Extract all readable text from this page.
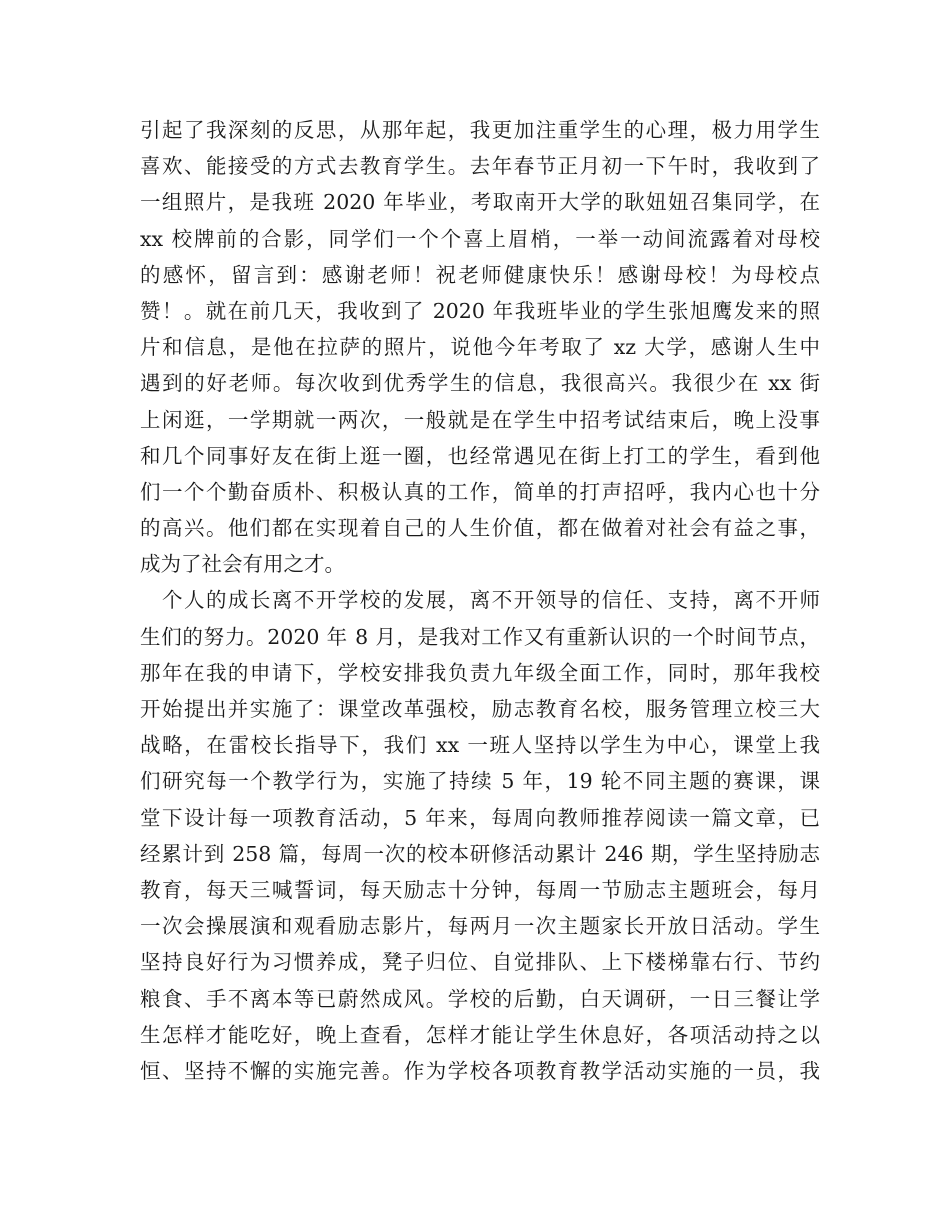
引起了我深刻的反思，从那年起，我更加注重学生的心理，极力用学生
喜欢、能接受的方式去教育学生。去年春节正月初一下午时，我收到了
一组照片，是我班 2020 年毕业，考取南开大学的耿妞妞召集同学，在
xx 校牌前的合影，同学们一个个喜上眉梢，一举一动间流露着对母校
的感怀，留言到：感谢老师！祝老师健康快乐！感谢母校！为母校点
赞！。就在前几天，我收到了 2020 年我班毕业的学生张旭鹰发来的照
片和信息，是他在拉萨的照片，说他今年考取了 xz 大学，感谢人生中
遇到的好老师。每次收到优秀学生的信息，我很高兴。我很少在 xx 街
上闲逛，一学期就一两次，一般就是在学生中招考试结束后，晚上没事
和几个同事好友在街上逛一圈，也经常遇见在街上打工的学生，看到他
们一个个勤奋质朴、积极认真的工作，简单的打声招呼，我内心也十分
的高兴。他们都在实现着自己的人生价值，都在做着对社会有益之事，
成为了社会有用之才。
　个人的成长离不开学校的发展，离不开领导的信任、支持，离不开师
生们的努力。2020 年 8 月，是我对工作又有重新认识的一个时间节点，
那年在我的申请下，学校安排我负责九年级全面工作，同时，那年我校
开始提出并实施了：课堂改革强校，励志教育名校，服务管理立校三大
战略，在雷校长指导下，我们 xx 一班人坚持以学生为中心，课堂上我
们研究每一个教学行为，实施了持续 5 年，19 轮不同主题的赛课，课
堂下设计每一项教育活动，5 年来，每周向教师推荐阅读一篇文章，已
经累计到 258 篇，每周一次的校本研修活动累计 246 期，学生坚持励志
教育，每天三喊誓词，每天励志十分钟，每周一节励志主题班会，每月
一次会操展演和观看励志影片，每两月一次主题家长开放日活动。学生
坚持良好行为习惯养成，凳子归位、自觉排队、上下楼梯靠右行、节约
粮食、手不离本等已蔚然成风。学校的后勤，白天调研，一日三餐让学
生怎样才能吃好，晚上查看，怎样才能让学生休息好，各项活动持之以
恒、坚持不懈的实施完善。作为学校各项教育教学活动实施的一员，我
